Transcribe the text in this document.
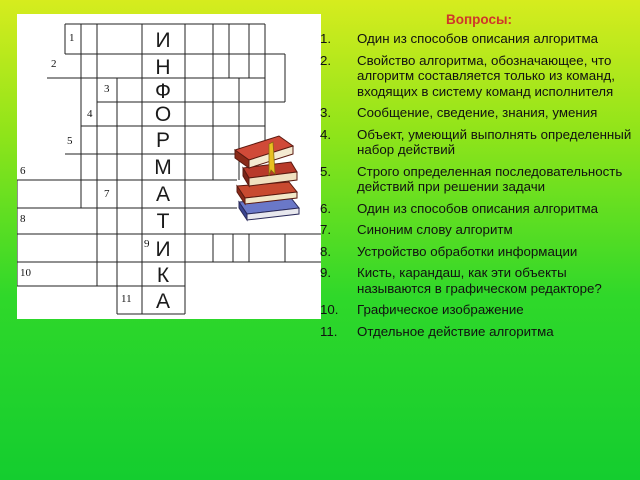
1
2
3
4
5
6
7
8
9
10
11
И
Н
Ф
О
Р
М
А
Т
И
К
А
Вопросы:
1. Один из способов описания алгоритма
2. Свойство алгоритма, обозначающее, что алгоритм составляется только из команд, входящих в систему команд исполнителя
3. Сообщение, сведение, знания, умения
4. Объект, умеющий выполнять определенный набор действий
5. Строго определенная последовательность действий при решении задачи
6. Один из способов описания алгоритма
7. Синоним слову алгоритм
8. Устройство обработки информации
9. Кисть, карандаш, как эти объекты называются в графическом редакторе?
10. Графическое изображение
11. Отдельное действие алгоритма
